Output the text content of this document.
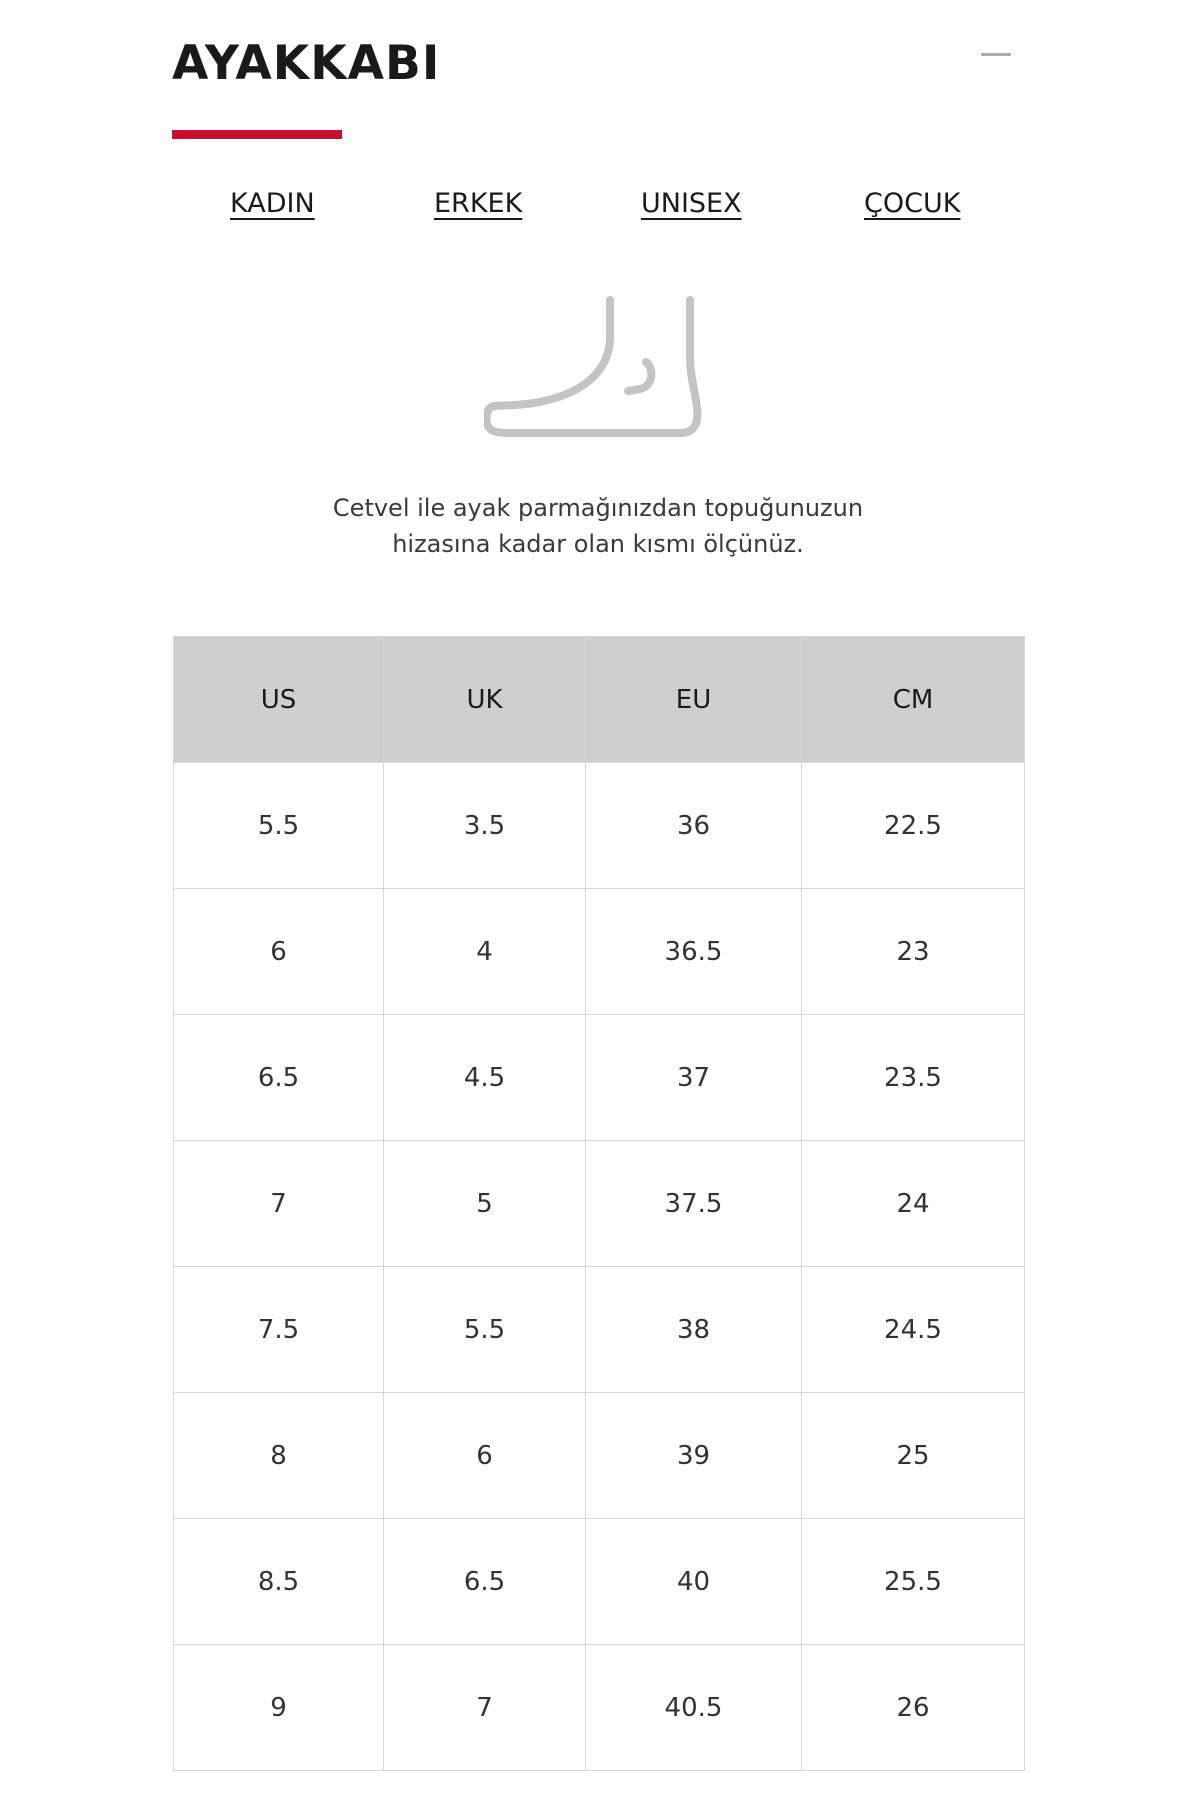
AYAKKABI
KADIN	ERKEK	UNISEX	ÇOCUK
Cetvel ile ayak parmağınızdan topuğunuzun
hizasına kadar olan kısmı ölçünüz.
US	UK	EU	CM
5.5	3.5	36	22.5
6	4	36.5	23
6.5	4.5	37	23.5
7	5	37.5	24
7.5	5.5	38	24.5
8	6	39	25
8.5	6.5	40	25.5
9	7	40.5	26
